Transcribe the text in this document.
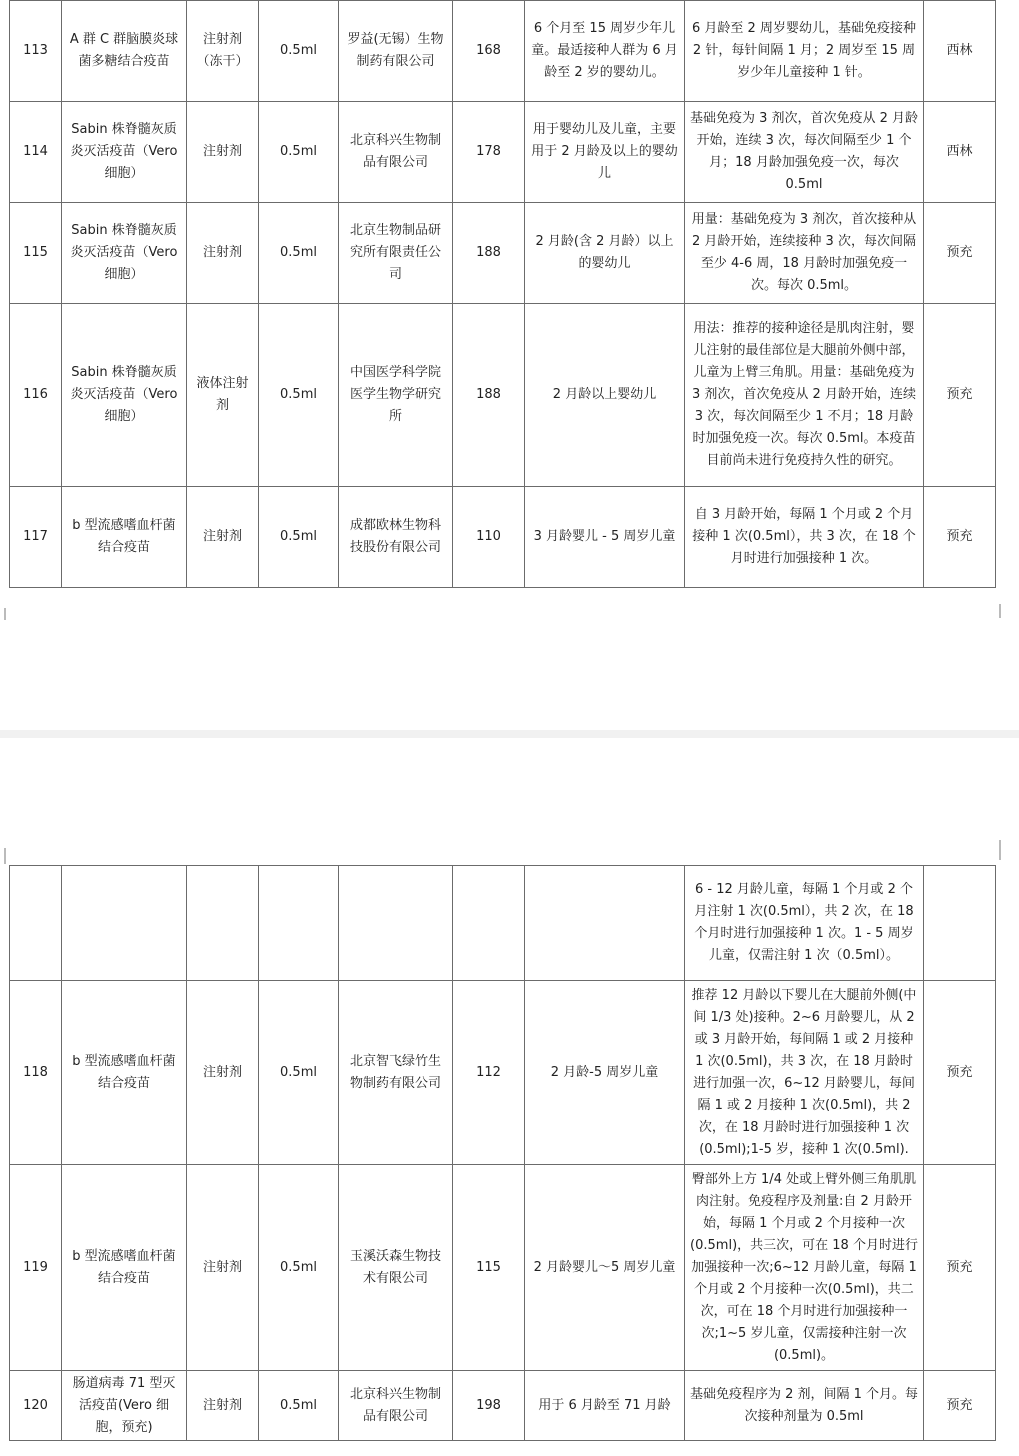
113	A 群 C 群脑膜炎球菌多糖结合疫苗	注射剂（冻干）	0.5ml	罗益(无锡）生物制药有限公司	168	6 个月至 15 周岁少年儿童。最适接种人群为 6 月龄至 2 岁的婴幼儿。	6 月龄至 2 周岁婴幼儿，基础免疫接种 2 针，每针间隔 1 月；2 周岁至 15 周岁少年儿童接种 1 针。	西林
114	Sabin 株脊髓灰质炎灭活疫苗（Vero 细胞）	注射剂	0.5ml	北京科兴生物制品有限公司	178	用于婴幼儿及儿童，主要用于 2 月龄及以上的婴幼儿	基础免疫为 3 剂次，首次免疫从 2 月龄开始，连续 3 次，每次间隔至少 1 个月；18 月龄加强免疫一次，每次 0.5ml	西林
115	Sabin 株脊髓灰质炎灭活疫苗（Vero 细胞）	注射剂	0.5ml	北京生物制品研究所有限责任公司	188	2 月龄(含 2 月龄）以上的婴幼儿	用量：基础免疫为 3 剂次，首次接种从 2 月龄开始，连续接种 3 次，每次间隔至少 4-6 周，18 月龄时加强免疫一次。每次 0.5ml。	预充
116	Sabin 株脊髓灰质炎灭活疫苗（Vero 细胞）	液体注射剂	0.5ml	中国医学科学院医学生物学研究所	188	2 月龄以上婴幼儿	用法：推荐的接种途径是肌肉注射，婴儿注射的最佳部位是大腿前外侧中部，儿童为上臂三角肌。用量：基础免疫为 3 剂次，首次免疫从 2 月龄开始，连续 3 次，每次间隔至少 1 不月；18 月龄时加强免疫一次。每次 0.5ml。本疫苗目前尚未进行免疫持久性的研究。	预充
117	b 型流感嗜血杆菌结合疫苗	注射剂	0.5ml	成都欧林生物科技股份有限公司	110	3 月龄婴儿 - 5 周岁儿童	自 3 月龄开始，每隔 1 个月或 2 个月接种 1 次(0.5ml），共 3 次，在 18 个月时进行加强接种 1 次。	预充
							6 - 12 月龄儿童，每隔 1 个月或 2 个月注射 1 次(0.5ml），共 2 次，在 18 个月时进行加强接种 1 次。1 - 5 周岁儿童，仅需注射 1 次（0.5ml）。	
118	b 型流感嗜血杆菌结合疫苗	注射剂	0.5ml	北京智飞绿竹生物制药有限公司	112	2 月龄-5 周岁儿童	推荐 12 月龄以下婴儿在大腿前外侧(中间 1/3 处)接种。2~6 月龄婴儿，从 2 或 3 月龄开始，每间隔 1 或 2 月接种 1 次(0.5ml)，共 3 次，在 18 月龄时进行加强一次，6~12 月龄婴儿，每间隔 1 或 2 月接种 1 次(0.5ml)，共 2 次，在 18 月龄时进行加强接种 1 次(0.5ml);1-5 岁，接种 1 次(0.5ml).	预充
119	b 型流感嗜血杆菌结合疫苗	注射剂	0.5ml	玉溪沃森生物技术有限公司	115	2 月龄婴儿～5 周岁儿童	臀部外上方 1/4 处或上臂外侧三角肌肌肉注射。免疫程序及剂量:自 2 月龄开始，每隔 1 个月或 2 个月接种一次(0.5ml)，共三次，可在 18 个月时进行加强接种一次;6~12 月龄儿童，每隔 1 个月或 2 个月接种一次(0.5ml)，共二次，可在 18 个月时进行加强接种一次;1~5 岁儿童，仅需接种注射一次(0.5ml)。	预充
120	肠道病毒 71 型灭活疫苗(Vero 细胞，预充)	注射剂	0.5ml	北京科兴生物制品有限公司	198	用于 6 月龄至 71 月龄	基础免疫程序为 2 剂，间隔 1 个月。每次接种剂量为 0.5ml	预充
